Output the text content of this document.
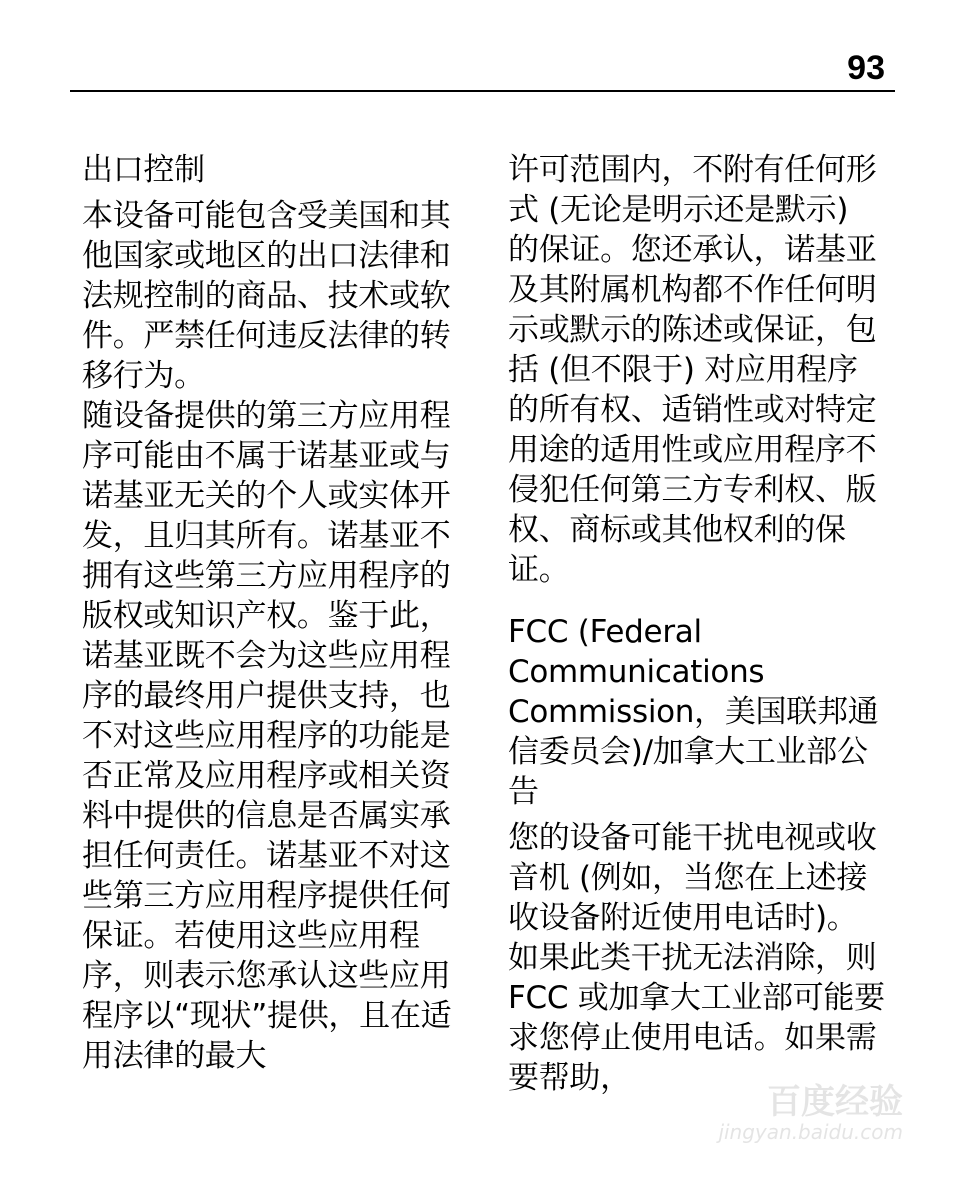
93
出口控制

本设备可能包含受美国和其他国家或地区的出口法律和法规控制的商品、技术或软件。严禁任何违反法律的转移行为。

随设备提供的第三方应用程序可能由不属于诺基亚或与诺基亚无关的个人或实体开发，且归其所有。诺基亚不拥有这些第三方应用程序的版权或知识产权。鉴于此，诺基亚既不会为这些应用程序的最终用户提供支持，也不对这些应用程序的功能是否正常及应用程序或相关资料中提供的信息是否属实承担任何责任。诺基亚不对这些第三方应用程序提供任何保证。若使用这些应用程序，则表示您承认这些应用程序以“现状”提供，且在适用法律的最大

许可范围内，不附有任何形式 (无论是明示还是默示) 的保证。您还承认，诺基亚及其附属机构都不作任何明示或默示的陈述或保证，包括 (但不限于) 对应用程序的所有权、适销性或对特定用途的适用性或应用程序不侵犯任何第三方专利权、版权、商标或其他权利的保证。

FCC (Federal Communications Commission，美国联邦通信委员会)/加拿大工业部公告

您的设备可能干扰电视或收音机 (例如，当您在上述接收设备附近使用电话时)。如果此类干扰无法消除，则 FCC 或加拿大工业部可能要求您停止使用电话。如果需要帮助，

百度经验
jingyan.baidu.com
